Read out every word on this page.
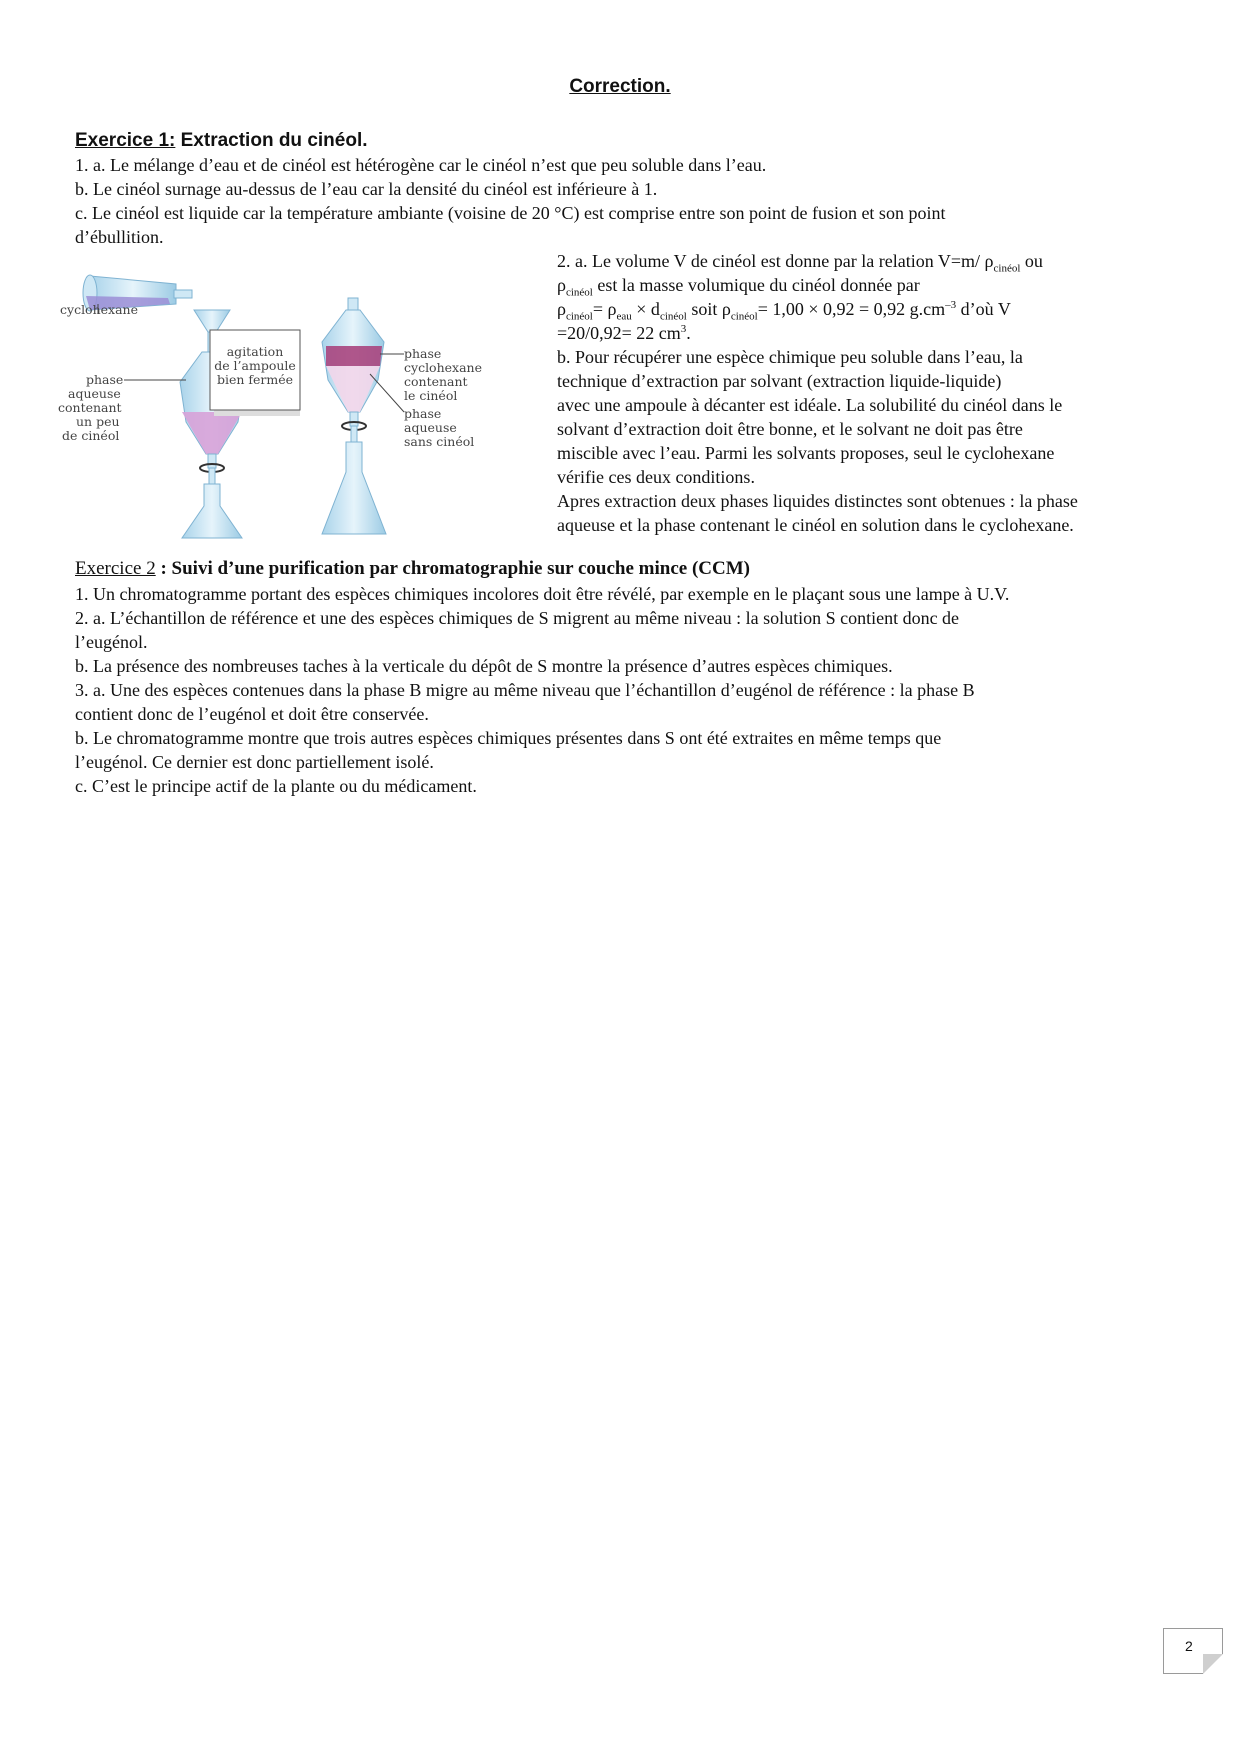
Correction.
Exercice 1: Extraction du cinéol.
1. a. Le mélange d’eau et de cinéol est hétérogène car le cinéol n’est que peu soluble dans l’eau.
b. Le cinéol surnage au-dessus de l’eau car la densité du cinéol est inférieure à 1.
c. Le cinéol est liquide car la température ambiante (voisine de 20 °C) est comprise entre son point de fusion et son point
d’ébullition.
2. a. Le volume V de cinéol est donne par la relation V=m/ $\rho_{cinéol}$ ou
$\rho_{cinéol}$ est la masse volumique du cinéol donnée par
$\rho_{cinéol}= \rho_{eau} \times d_{cinéol}$ soit $\rho_{cinéol}= 1,00 \times 0,92 = 0,92$ $g.cm^{-3}$ d’où V
=20/0,92= 22 $cm^3$.
b. Pour récupérer une espèce chimique peu soluble dans l’eau, la
technique d’extraction par solvant (extraction liquide-liquide)
avec une ampoule à décanter est idéale. La solubilité du cinéol dans le
solvant d’extraction doit être bonne, et le solvant ne doit pas être
miscible avec l’eau. Parmi les solvants proposes, seul le cyclohexane
vérifie ces deux conditions.
Apres extraction deux phases liquides distinctes sont obtenues : la phase
aqueuse et la phase contenant le cinéol en solution dans le cyclohexane.
cyclohexane
phase
aqueuse
contenant
un peu
de cinéol
agitation
de l’ampoule
bien fermée
phase
cyclohexane
contenant
le cinéol
phase
aqueuse
sans cinéol
Exercice 2 : Suivi d’une purification par chromatographie sur couche mince (CCM)
1. Un chromatogramme portant des espèces chimiques incolores doit être révélé, par exemple en le plaçant sous une lampe à U.V.
2. a. L’échantillon de référence et une des espèces chimiques de S migrent au même niveau : la solution S contient donc de
l’eugénol.
b. La présence des nombreuses taches à la verticale du dépôt de S montre la présence d’autres espèces chimiques.
3. a. Une des espèces contenues dans la phase B migre au même niveau que l’échantillon d’eugénol de référence : la phase B
contient donc de l’eugénol et doit être conservée.
b. Le chromatogramme montre que trois autres espèces chimiques présentes dans S ont été extraites en même temps que
l’eugénol. Ce dernier est donc partiellement isolé.
c. C’est le principe actif de la plante ou du médicament.
2
